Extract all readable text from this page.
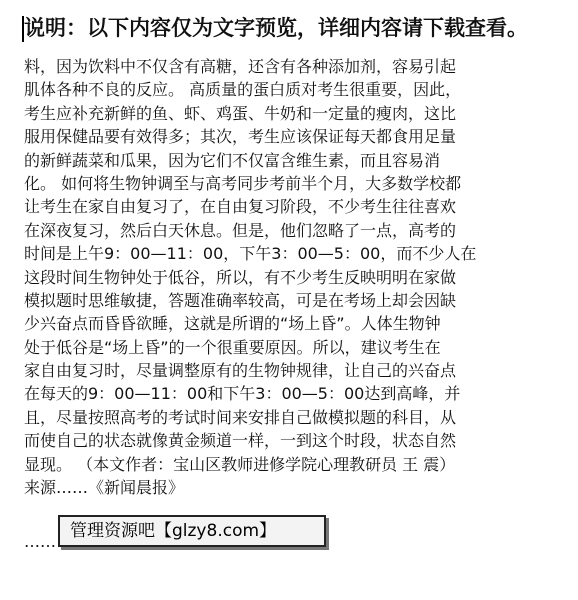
说明：以下内容仅为文字预览，详细内容请下载查看。
料，因为饮料中不仅含有高糖，还含有各种添加剂，容易引起
肌体各种不良的反应。 高质量的蛋白质对考生很重要，因此，
考生应补充新鲜的鱼、虾、鸡蛋、牛奶和一定量的瘦肉，这比
服用保健品要有效得多；其次，考生应该保证每天都食用足量
的新鲜蔬菜和瓜果，因为它们不仅富含维生素，而且容易消
化。 如何将生物钟调至与高考同步考前半个月，大多数学校都
让考生在家自由复习了，在自由复习阶段，不少考生往往喜欢
在深夜复习，然后白天休息。但是，他们忽略了一点，高考的
时间是上午9：00—11：00，下午3：00—5：00，而不少人在
这段时间生物钟处于低谷，所以，有不少考生反映明明在家做
模拟题时思维敏捷，答题准确率较高，可是在考场上却会因缺
少兴奋点而昏昏欲睡，这就是所谓的“场上昏”。人体生物钟
处于低谷是“场上昏”的一个很重要原因。所以，建议考生在
家自由复习时，尽量调整原有的生物钟规律，让自己的兴奋点
在每天的9：00—11：00和下午3：00—5：00达到高峰，并
且，尽量按照高考的考试时间来安排自己做模拟题的科目，从
而使自己的状态就像黄金频道一样，一到这个时段，状态自然
显现。 （本文作者：宝山区教师进修学院心理教研员 王 震）
来源……《新闻晨报》
……
管理资源吧【glzy8.com】
